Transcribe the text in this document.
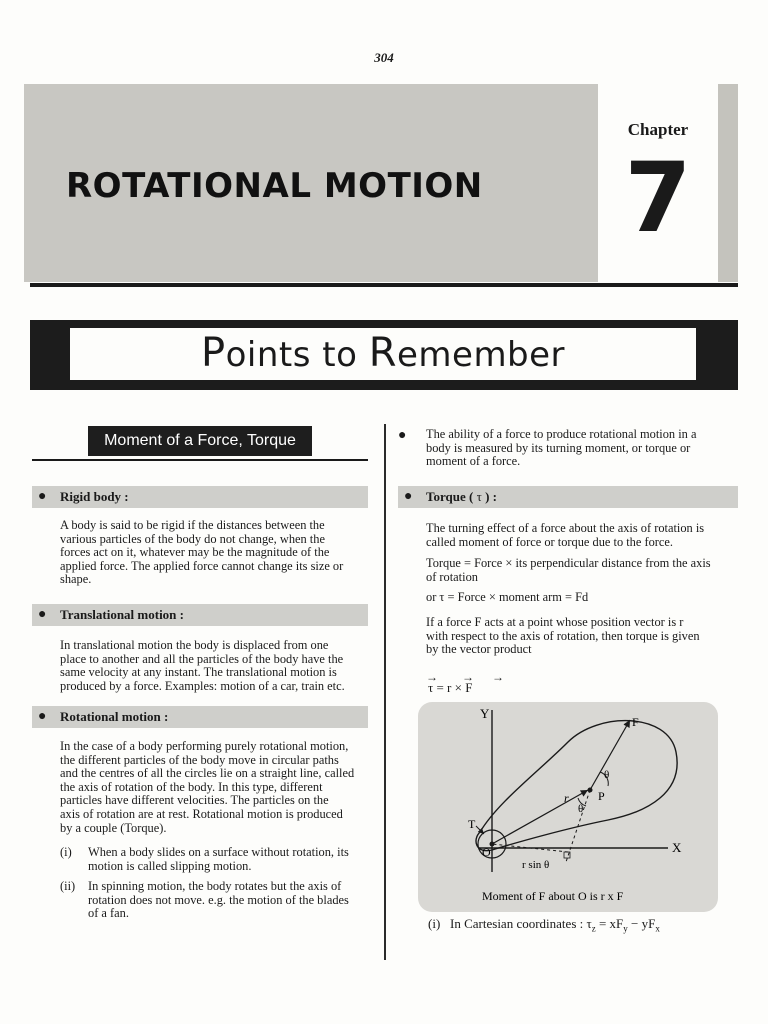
304
ROTATIONAL MOTION
Chapter
7
Points to Remember
Moment of a Force, Torque
● Rigid body :
A body is said to be rigid if the distances between the
various particles of the body do not change, when the
forces act on it, whatever may be the magnitude of the
applied force. The applied force cannot change its size or
shape.
● Translational motion :
In translational motion the body is displaced from one
place to another and all the particles of the body have the
same velocity at any instant. The translational motion is
produced by a force. Examples: motion of a car, train etc.
● Rotational motion :
In the case of a body performing purely rotational motion,
the different particles of the body move in circular paths
and the centres of all the circles lie on a straight line, called
the axis of rotation of the body. In this type, different
particles have different velocities. The particles on the
axis of rotation are at rest. Rotational motion is produced
by a couple (Torque).
(i) When a body slides on a surface without rotation, its
motion is called slipping motion.
(ii) In spinning motion, the body rotates but the axis of
rotation does not move. e.g. the motion of the blades
of a fan.
● The ability of a force to produce rotational motion in a
body is measured by its turning moment, or torque or
moment of a force.
● Torque ( τ ) :
The turning effect of a force about the axis of rotation is
called moment of force or torque due to the force.
Torque = Force × its perpendicular distance from the axis
of rotation
or τ = Force × moment arm = Fd
If a force F acts at a point whose position vector is r
with respect to the axis of rotation, then torque is given
by the vector product
→        →      →
τ = r × F
Y
X
O
P
F
r
T
θ
θ
r sin θ
Moment of F about O is r x F
(i) In Cartesian coordinates : $\tau_z = xF_y - yF_x$
